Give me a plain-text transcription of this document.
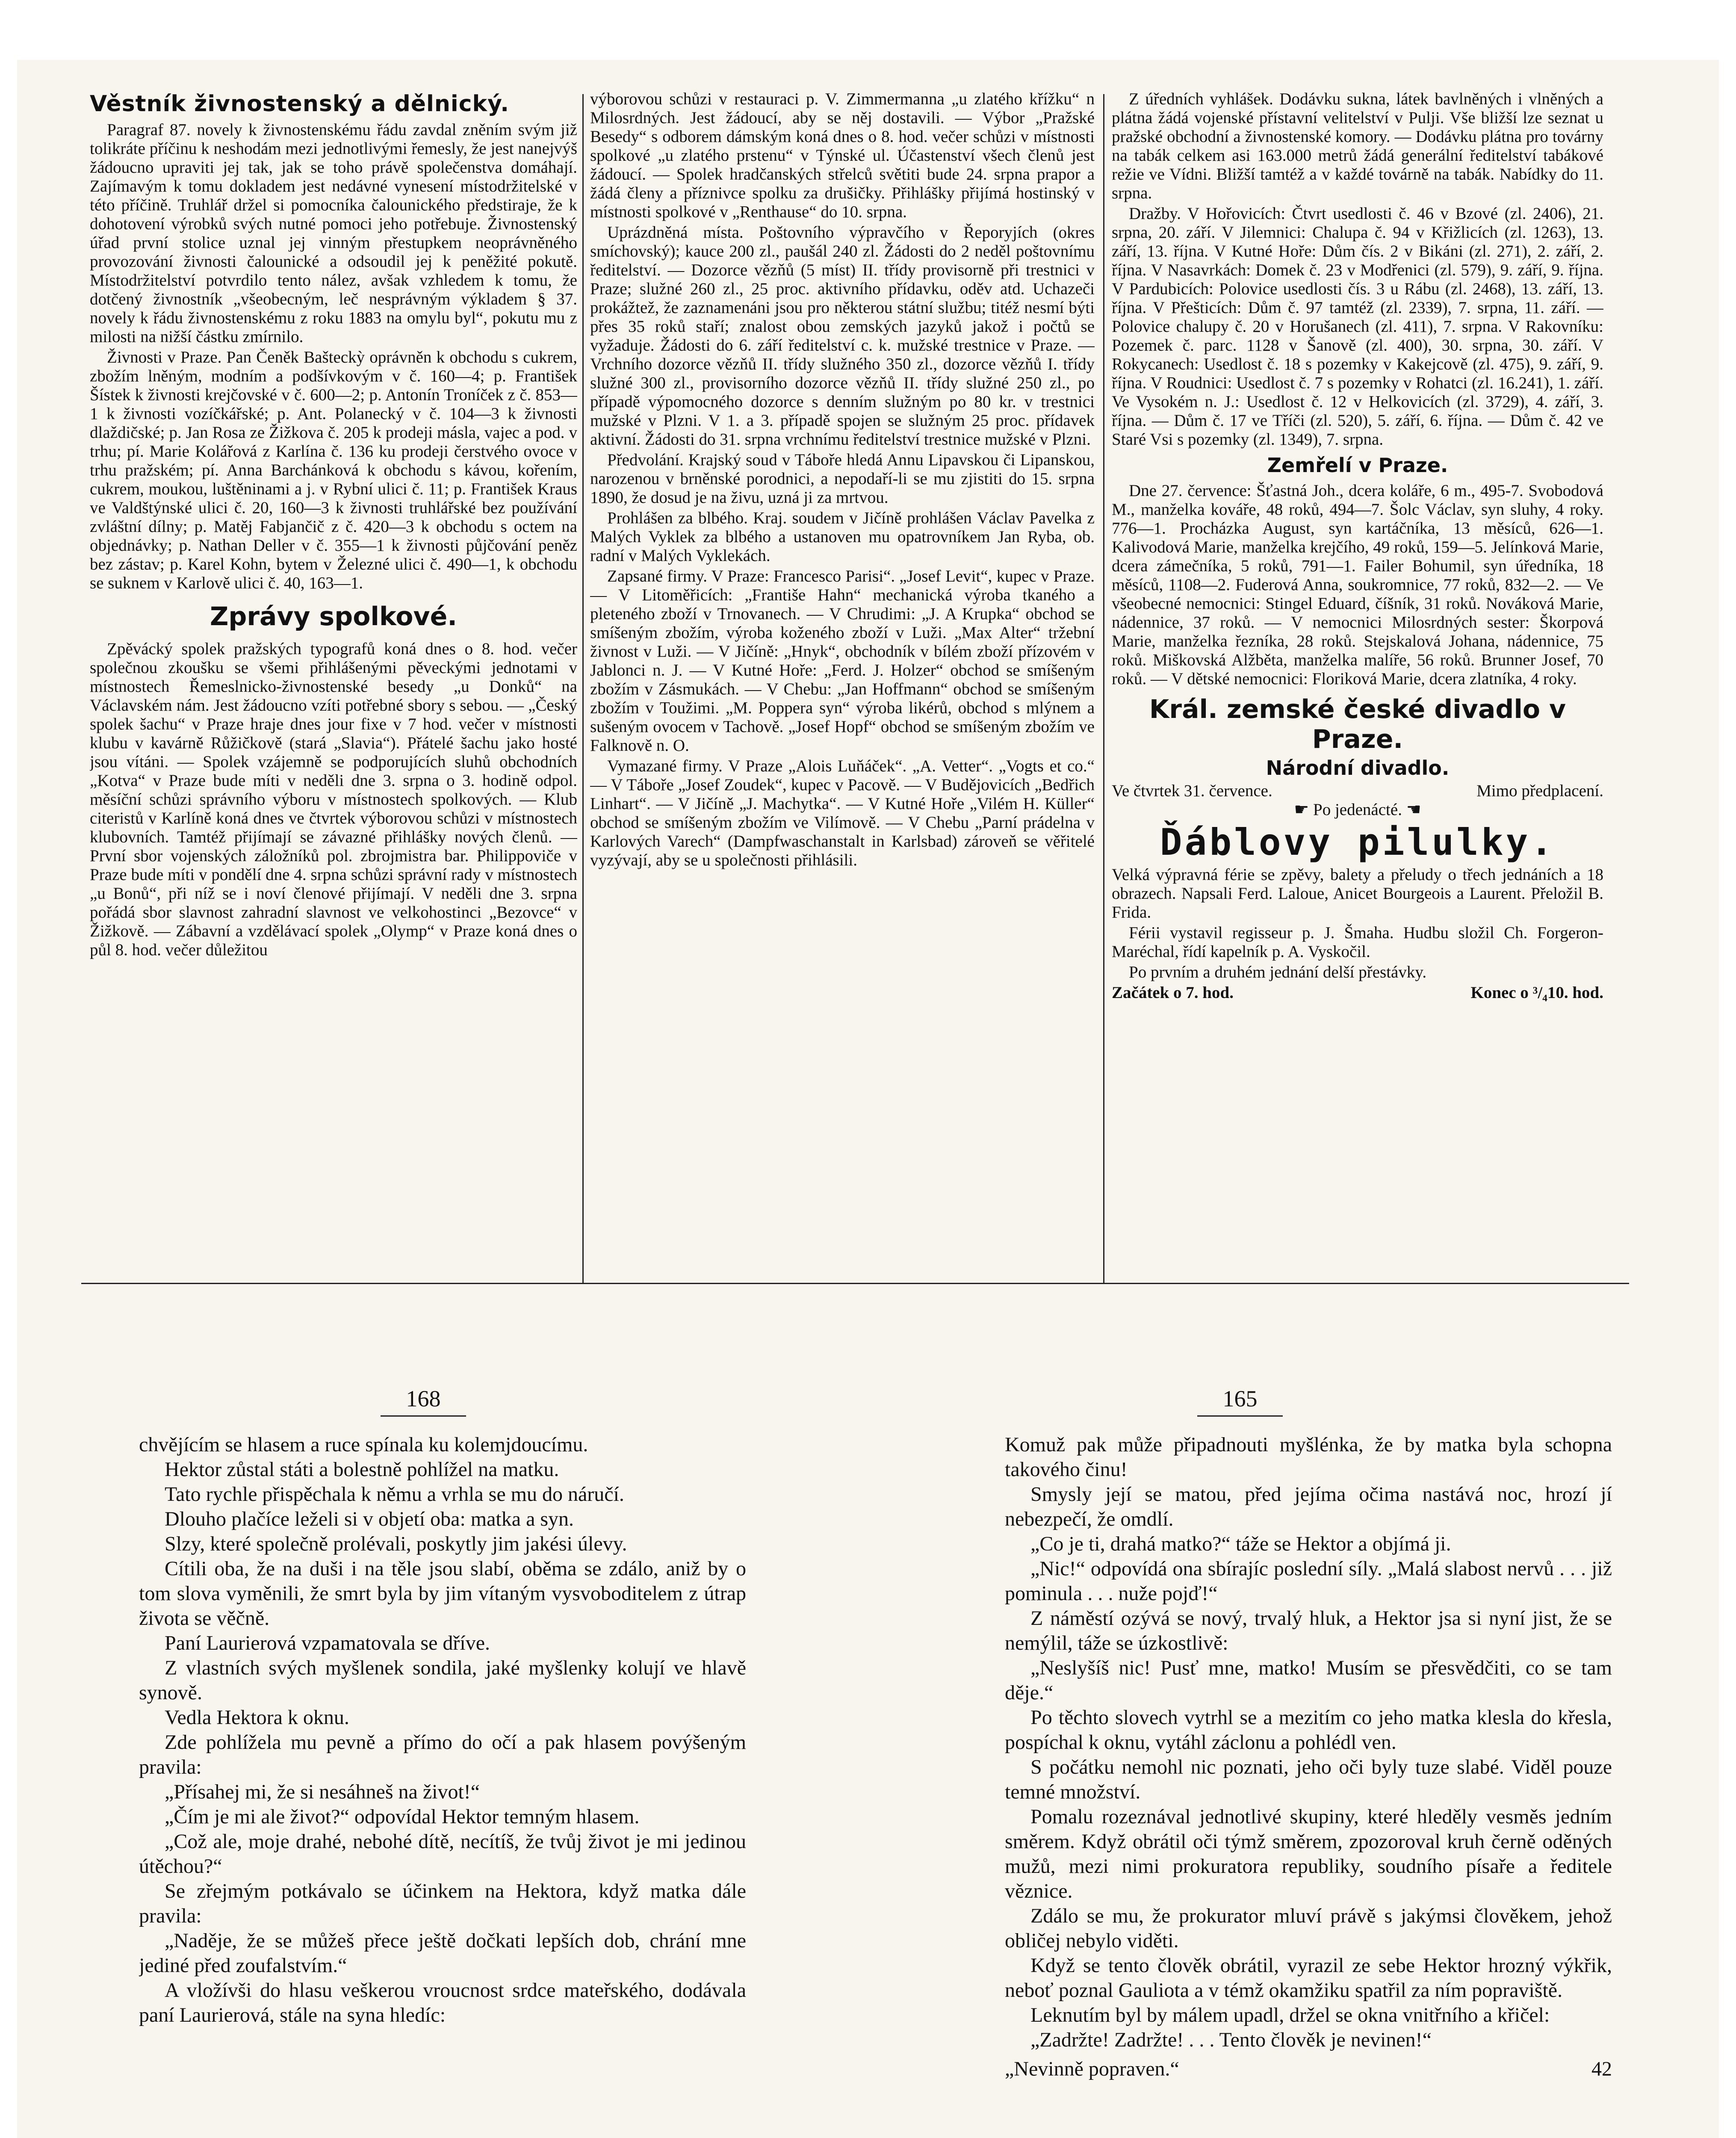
Věstník živnostenský a dělnický.

Paragraf 87. novely k živnostenskému řádu zavdal zněním svým již tolikráte příčinu k neshodám mezi jednotlivými řemesly, že jest nanejvýš žádoucno upraviti jej tak, jak se toho právě společenstva domáhají. Zajímavým k tomu dokladem jest nedávné vynesení místodržitelské v této příčině. Truhlář držel si pomocníka čalounického předstiraje, že k dohotovení výrobků svých nutné pomoci jeho potřebuje. Živnostenský úřad první stolice uznal jej vinným přestupkem neoprávněného provozování živnosti čalounické a odsoudil jej k peněžité pokutě. Místodržitelství potvrdilo tento nález, avšak vzhledem k tomu, že dotčený živnostník „všeobecným, leč nesprávným výkladem § 37. novely k řádu živnostenskému z roku 1883 na omylu byl“, pokutu mu z milosti na nižší částku zmírnilo.

Živnosti v Praze. Pan Čeněk Bašteckỳ oprávněn k obchodu s cukrem, zbožím lněným, modním a podšívkovým v č. 160—4; p. František Šístek k živnosti krejčovské v č. 600—2; p. Antonín Troníček z č. 853—1 k živnosti vozíčkářské; p. Ant. Polanecký v č. 104—3 k živnosti dlaždičské; p. Jan Rosa ze Žižkova č. 205 k prodeji másla, vajec a pod. v trhu; pí. Marie Kolářová z Karlína č. 136 ku prodeji čerstvého ovoce v trhu pražském; pí. Anna Barchánková k obchodu s kávou, kořením, cukrem, moukou, luštěninami a j. v Rybní ulici č. 11; p. František Kraus ve Valdštýnské ulici č. 20, 160—3 k živnosti truhlářské bez používání zvláštní dílny; p. Matěj Fabjančič z č. 420—3 k obchodu s octem na objednávky; p. Nathan Deller v č. 355—1 k živnosti půjčování peněz bez zástav; p. Karel Kohn, bytem v Železné ulici č. 490—1, k obchodu se suknem v Karlově ulici č. 40, 163—1.

Zprávy spolkové.

Zpěvácký spolek pražských typografů koná dnes o 8. hod. večer společnou zkoušku se všemi přihlášenými pěveckými jednotami v místnostech Řemeslnicko-živnostenské besedy „u Donků“ na Václavském nám. Jest žádoucno vzíti potřebné sbory s sebou. — „Český spolek šachu“ v Praze hraje dnes jour fixe v 7 hod. večer v místnosti klubu v kavárně Růžičkově (stará „Slavia“). Přátelé šachu jako hosté jsou vítáni. — Spolek vzájemně se podporujících sluhů obchodních „Kotva“ v Praze bude míti v neděli dne 3. srpna o 3. hodině odpol. měsíční schůzi správního výboru v místnostech spolkových. — Klub citeristů v Karlíně koná dnes ve čtvrtek výborovou schůzi v místnostech klubovních. Tamtéž přijímají se závazné přihlášky nových členů. — První sbor vojenských záložníků pol. zbrojmistra bar. Philippoviče v Praze bude míti v pondělí dne 4. srpna schůzi správní rady v místnostech „u Bonů“, při níž se i noví členové přijímají. V neděli dne 3. srpna pořádá sbor slavnost zahradní slavnost ve velkohostinci „Bezovce“ v Žižkově. — Zábavní a vzdělávací spolek „Olymp“ v Praze koná dnes o půl 8. hod. večer důležitou

výborovou schůzi v restauraci p. V. Zimmermanna „u zlatého křížku“ n Milosrdných. Jest žádoucí, aby se něj dostavili. — Výbor „Pražské Besedy“ s odborem dámským koná dnes o 8. hod. večer schůzi v místnosti spolkové „u zlatého prstenu“ v Týnské ul. Účastenství všech členů jest žádoucí. — Spolek hradčanských střelců světiti bude 24. srpna prapor a žádá členy a příznivce spolku za drušičky. Přihlášky přijímá hostinský v místnosti spolkové v „Renthause“ do 10. srpna.

Uprázdněná místa. Poštovního výpravčího v Řeporyjích (okres smíchovský); kauce 200 zl., paušál 240 zl. Žádosti do 2 neděl poštovnímu ředitelství. — Dozorce vězňů (5 míst) II. třídy provisorně při trestnici v Praze; služné 260 zl., 25 proc. aktivního přídavku, oděv atd. Uchazeči prokážtež, že zaznamenáni jsou pro některou státní službu; titéž nesmí býti přes 35 roků staří; znalost obou zemských jazyků jakož i počtů se vyžaduje. Žádosti do 6. září ředitelství c. k. mužské trestnice v Praze. — Vrchního dozorce vězňů II. třídy služného 350 zl., dozorce vězňů I. třídy služné 300 zl., provisorního dozorce vězňů II. třídy služné 250 zl., po případě výpomocného dozorce s denním služným po 80 kr. v trestnici mužské v Plzni. V 1. a 3. případě spojen se služným 25 proc. přídavek aktivní. Žádosti do 31. srpna vrchnímu ředitelství trestnice mužské v Plzni.

Předvolání. Krajský soud v Táboře hledá Annu Lipavskou či Lipanskou, narozenou v brněnské porodnici, a nepodaří-li se mu zjistiti do 15. srpna 1890, že dosud je na živu, uzná ji za mrtvou.

Prohlášen za blbého. Kraj. soudem v Jičíně prohlášen Václav Pavelka z Malých Vyklek za blbého a ustanoven mu opatrovníkem Jan Ryba, ob. radní v Malých Vyklekách.

Zapsané firmy. V Praze: Francesco Parisi“. „Josef Levit“, kupec v Praze. — V Litoměřicích: „Františe Hahn“ mechanická výroba tkaného a pleteného zboží v Trnovanech. — V Chrudimi: „J. A Krupka“ obchod se smíšeným zbožím, výroba koženého zboží v Luži. „Max Alter“ tržební živnost v Luži. — V Jičíně: „Hnyk“, obchodník v bílém zboží přízovém v Jablonci n. J. — V Kutné Hoře: „Ferd. J. Holzer“ obchod se smíšeným zbožím v Zásmukách. — V Chebu: „Jan Hoffmann“ obchod se smíšeným zbožím v Toužimi. „M. Poppera syn“ výroba likérů, obchod s mlýnem a sušeným ovocem v Tachově. „Josef Hopf“ obchod se smíšeným zbožím ve Falknově n. O.

Vymazané firmy. V Praze „Alois Luňáček“. „A. Vetter“. „Vogts et co.“ — V Táboře „Josef Zoudek“, kupec v Pacově. — V Budějovicích „Bedřich Linhart“. — V Jičíně „J. Machytka“. — V Kutné Hoře „Vilém H. Küller“ obchod se smíšeným zbožím ve Vilímově. — V Chebu „Parní prádelna v Karlových Varech“ (Dampfwaschanstalt in Karlsbad) zároveň se věřitelé vyzývají, aby se u společnosti přihlásili.

Z úředních vyhlášek. Dodávku sukna, látek bavlněných i vlněných a plátna žádá vojenské přístavní velitelství v Pulji. Vše bližší lze seznat u pražské obchodní a živnostenské komory. — Dodávku plátna pro továrny na tabák celkem asi 163.000 metrů žádá generální ředitelství tabákové režie ve Vídni. Bližší tamtéž a v každé továrně na tabák. Nabídky do 11. srpna.

Dražby. V Hořovicích: Čtvrt usedlosti č. 46 v Bzové (zl. 2406), 21. srpna, 20. září. V Jilemnici: Chalupa č. 94 v Křižlicích (zl. 1263), 13. září, 13. října. V Kutné Hoře: Dům čís. 2 v Bikáni (zl. 271), 2. září, 2. října. V Nasavrkách: Domek č. 23 v Modřenici (zl. 579), 9. září, 9. října. V Pardubicích: Polovice usedlosti čís. 3 u Rábu (zl. 2468), 13. září, 13. října. V Přešticích: Dům č. 97 tamtéž (zl. 2339), 7. srpna, 11. září. — Polovice chalupy č. 20 v Horušanech (zl. 411), 7. srpna. V Rakovníku: Pozemek č. parc. 1128 v Šanově (zl. 400), 30. srpna, 30. září. V Rokycanech: Usedlost č. 18 s pozemky v Kakejcově (zl. 475), 9. září, 9. října. V Roudnici: Usedlost č. 7 s pozemky v Rohatci (zl. 16.241), 1. září. Ve Vysokém n. J.: Usedlost č. 12 v Helkovicích (zl. 3729), 4. září, 3. října. — Dům č. 17 ve Tříči (zl. 520), 5. září, 6. října. — Dům č. 42 ve Staré Vsi s pozemky (zl. 1349), 7. srpna.

Zemřelí v Praze.

Dne 27. července: Šťastná Joh., dcera koláře, 6 m., 495-7. Svobodová M., manželka kováře, 48 roků, 494—7. Šolc Václav, syn sluhy, 4 roky. 776—1. Procházka August, syn kartáčníka, 13 měsíců, 626—1. Kalivodová Marie, manželka krejčího, 49 roků, 159—5. Jelínková Marie, dcera zámečníka, 5 roků, 791—1. Failer Bohumil, syn úředníka, 18 měsíců, 1108—2. Fuderová Anna, soukromnice, 77 roků, 832—2. — Ve všeobecné nemocnici: Stingel Eduard, číšník, 31 roků. Nováková Marie, nádennice, 37 roků. — V nemocnici Milosrdných sester: Škorpová Marie, manželka řezníka, 28 roků. Stejskalová Johana, nádennice, 75 roků. Miškovská Alžběta, manželka malíře, 56 roků. Brunner Josef, 70 roků. — V dětské nemocnici: Floriková Marie, dcera zlatníka, 4 roky.

Král. zemské české divadlo v Praze.

Národní divadlo.

Ve čtvrtek 31. července.	Mimo předplacení.

☛ Po jedenácté. ☚

Ďáblovy pilulky.

Velká výpravná férie se zpěvy, balety a přeludy o třech jednáních a 18 obrazech. Napsali Ferd. Laloue, Anicet Bourgeois a Laurent. Přeložil B. Frida.

Férii vystavil regisseur p. J. Šmaha. Hudbu složil Ch. Forgeron-Maréchal, řídí kapelník p. A. Vyskočil.

Po prvním a druhém jednání delší přestávky.

Začátek o 7. hod.	Konec o ³/₄10. hod.
168	165

chvějícím se hlasem a ruce spínala ku kolemjdoucímu.

Hektor zůstal státi a bolestně pohlížel na matku.

Tato rychle přispěchala k němu a vrhla se mu do náručí.

Dlouho plačíce leželi si v objetí oba: matka a syn.

Slzy, které společně prolévali, poskytly jim jakési úlevy.

Cítili oba, že na duši i na těle jsou slabí, oběma se zdálo, aniž by o tom slova vyměnili, že smrt byla by jim vítaným vysvoboditelem z útrap života se věčně.

Paní Laurierová vzpamatovala se dříve.

Z vlastních svých myšlenek sondila, jaké myšlenky kolují ve hlavě synově.

Vedla Hektora k oknu.

Zde pohlížela mu pevně a přímo do očí a pak hlasem povýšeným pravila:

„Přísahej mi, že si nesáhneš na život!“

„Čím je mi ale život?“ odpovídal Hektor temným hlasem.

„Což ale, moje drahé, nebohé dítě, necítíš, že tvůj život je mi jedinou útěchou?“

Se zřejmým potkávalo se účinkem na Hektora, když matka dále pravila:

„Naděje, že se můžeš přece ještě dočkati lepších dob, chrání mne jediné před zoufalstvím.“

A vložívši do hlasu veškerou vroucnost srdce mateřského, dodávala paní Laurierová, stále na syna hledíc:

Komuž pak může připadnouti myšlénka, že by matka byla schopna takového činu!

Smysly její se matou, před jejíma očima nastává noc, hrozí jí nebezpečí, že omdlí.

„Co je ti, drahá matko?“ táže se Hektor a objímá ji.

„Nic!“ odpovídá ona sbírajíc poslední síly. „Malá slabost nervů . . . již pominula . . . nuže pojď!“

Z náměstí ozývá se nový, trvalý hluk, a Hektor jsa si nyní jist, že se nemýlil, táže se úzkostlivě:

„Neslyšíš nic! Pusť mne, matko! Musím se přesvědčiti, co se tam děje.“

Po těchto slovech vytrhl se a mezitím co jeho matka klesla do křesla, pospíchal k oknu, vytáhl záclonu a pohlédl ven.

S počátku nemohl nic poznati, jeho oči byly tuze slabé. Viděl pouze temné množství.

Pomalu rozeznával jednotlivé skupiny, které hleděly vesměs jedním směrem. Když obrátil oči týmž směrem, zpozoroval kruh černě oděných mužů, mezi nimi prokuratora republiky, soudního písaře a ředitele věznice.

Zdálo se mu, že prokurator mluví právě s jakýmsi člověkem, jehož obličej nebylo viděti.

Když se tento člověk obrátil, vyrazil ze sebe Hektor hrozný výkřik, neboť poznal Gauliota a v témž okamžiku spatřil za ním popraviště.

Leknutím byl by málem upadl, držel se okna vnitřního a křičel:

„Zadržte! Zadržte! . . . Tento člověk je nevinen!“

„Nevinně popraven.“	42
